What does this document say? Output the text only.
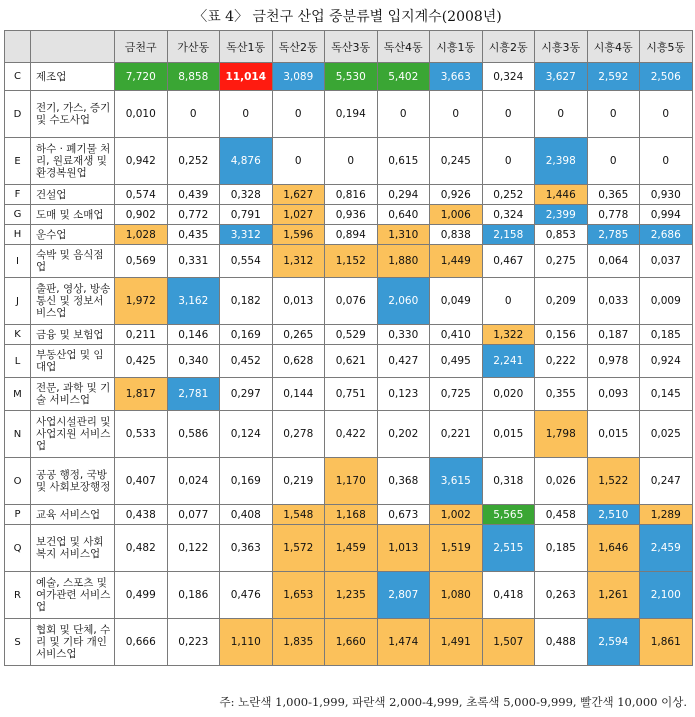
〈표 4〉 금천구 산업 중분류별 입지계수(2008년)
		금천구	가산동	독산1동	독산2동	독산3동	독산4동	시흥1동	시흥2동	시흥3동	시흥4동	시흥5동
C	제조업	7,720	8,858	11,014	3,089	5,530	5,402	3,663	0,324	3,627	2,592	2,506
D	전기, 가스, 증기 및 수도사업	0,010	0	0	0	0,194	0	0	0	0	0	0
E	하수 · 폐기물 처리, 원료재생 및 환경복원업	0,942	0,252	4,876	0	0	0,615	0,245	0	2,398	0	0
F	건설업	0,574	0,439	0,328	1,627	0,816	0,294	0,926	0,252	1,446	0,365	0,930
G	도매 및 소매업	0,902	0,772	0,791	1,027	0,936	0,640	1,006	0,324	2,399	0,778	0,994
H	운수업	1,028	0,435	3,312	1,596	0,894	1,310	0,838	2,158	0,853	2,785	2,686
I	숙박 및 음식점업	0,569	0,331	0,554	1,312	1,152	1,880	1,449	0,467	0,275	0,064	0,037
J	출판, 영상, 방송통신 및 정보서비스업	1,972	3,162	0,182	0,013	0,076	2,060	0,049	0	0,209	0,033	0,009
K	금융 및 보험업	0,211	0,146	0,169	0,265	0,529	0,330	0,410	1,322	0,156	0,187	0,185
L	부동산업 및 임대업	0,425	0,340	0,452	0,628	0,621	0,427	0,495	2,241	0,222	0,978	0,924
M	전문, 과학 및 기술 서비스업	1,817	2,781	0,297	0,144	0,751	0,123	0,725	0,020	0,355	0,093	0,145
N	사업시설관리 및 사업지원 서비스업	0,533	0,586	0,124	0,278	0,422	0,202	0,221	0,015	1,798	0,015	0,025
O	공공 행정, 국방 및 사회보장행정	0,407	0,024	0,169	0,219	1,170	0,368	3,615	0,318	0,026	1,522	0,247
P	교육 서비스업	0,438	0,077	0,408	1,548	1,168	0,673	1,002	5,565	0,458	2,510	1,289
Q	보건업 및 사회복지 서비스업	0,482	0,122	0,363	1,572	1,459	1,013	1,519	2,515	0,185	1,646	2,459
R	예술, 스포츠 및 여가관련 서비스업	0,499	0,186	0,476	1,653	1,235	2,807	1,080	0,418	0,263	1,261	2,100
S	협회 및 단체, 수리 및 기타 개인서비스업	0,666	0,223	1,110	1,835	1,660	1,474	1,491	1,507	0,488	2,594	1,861
주: 노란색 1,000-1,999, 파란색 2,000-4,999, 초록색 5,000-9,999, 빨간색 10,000 이상.
